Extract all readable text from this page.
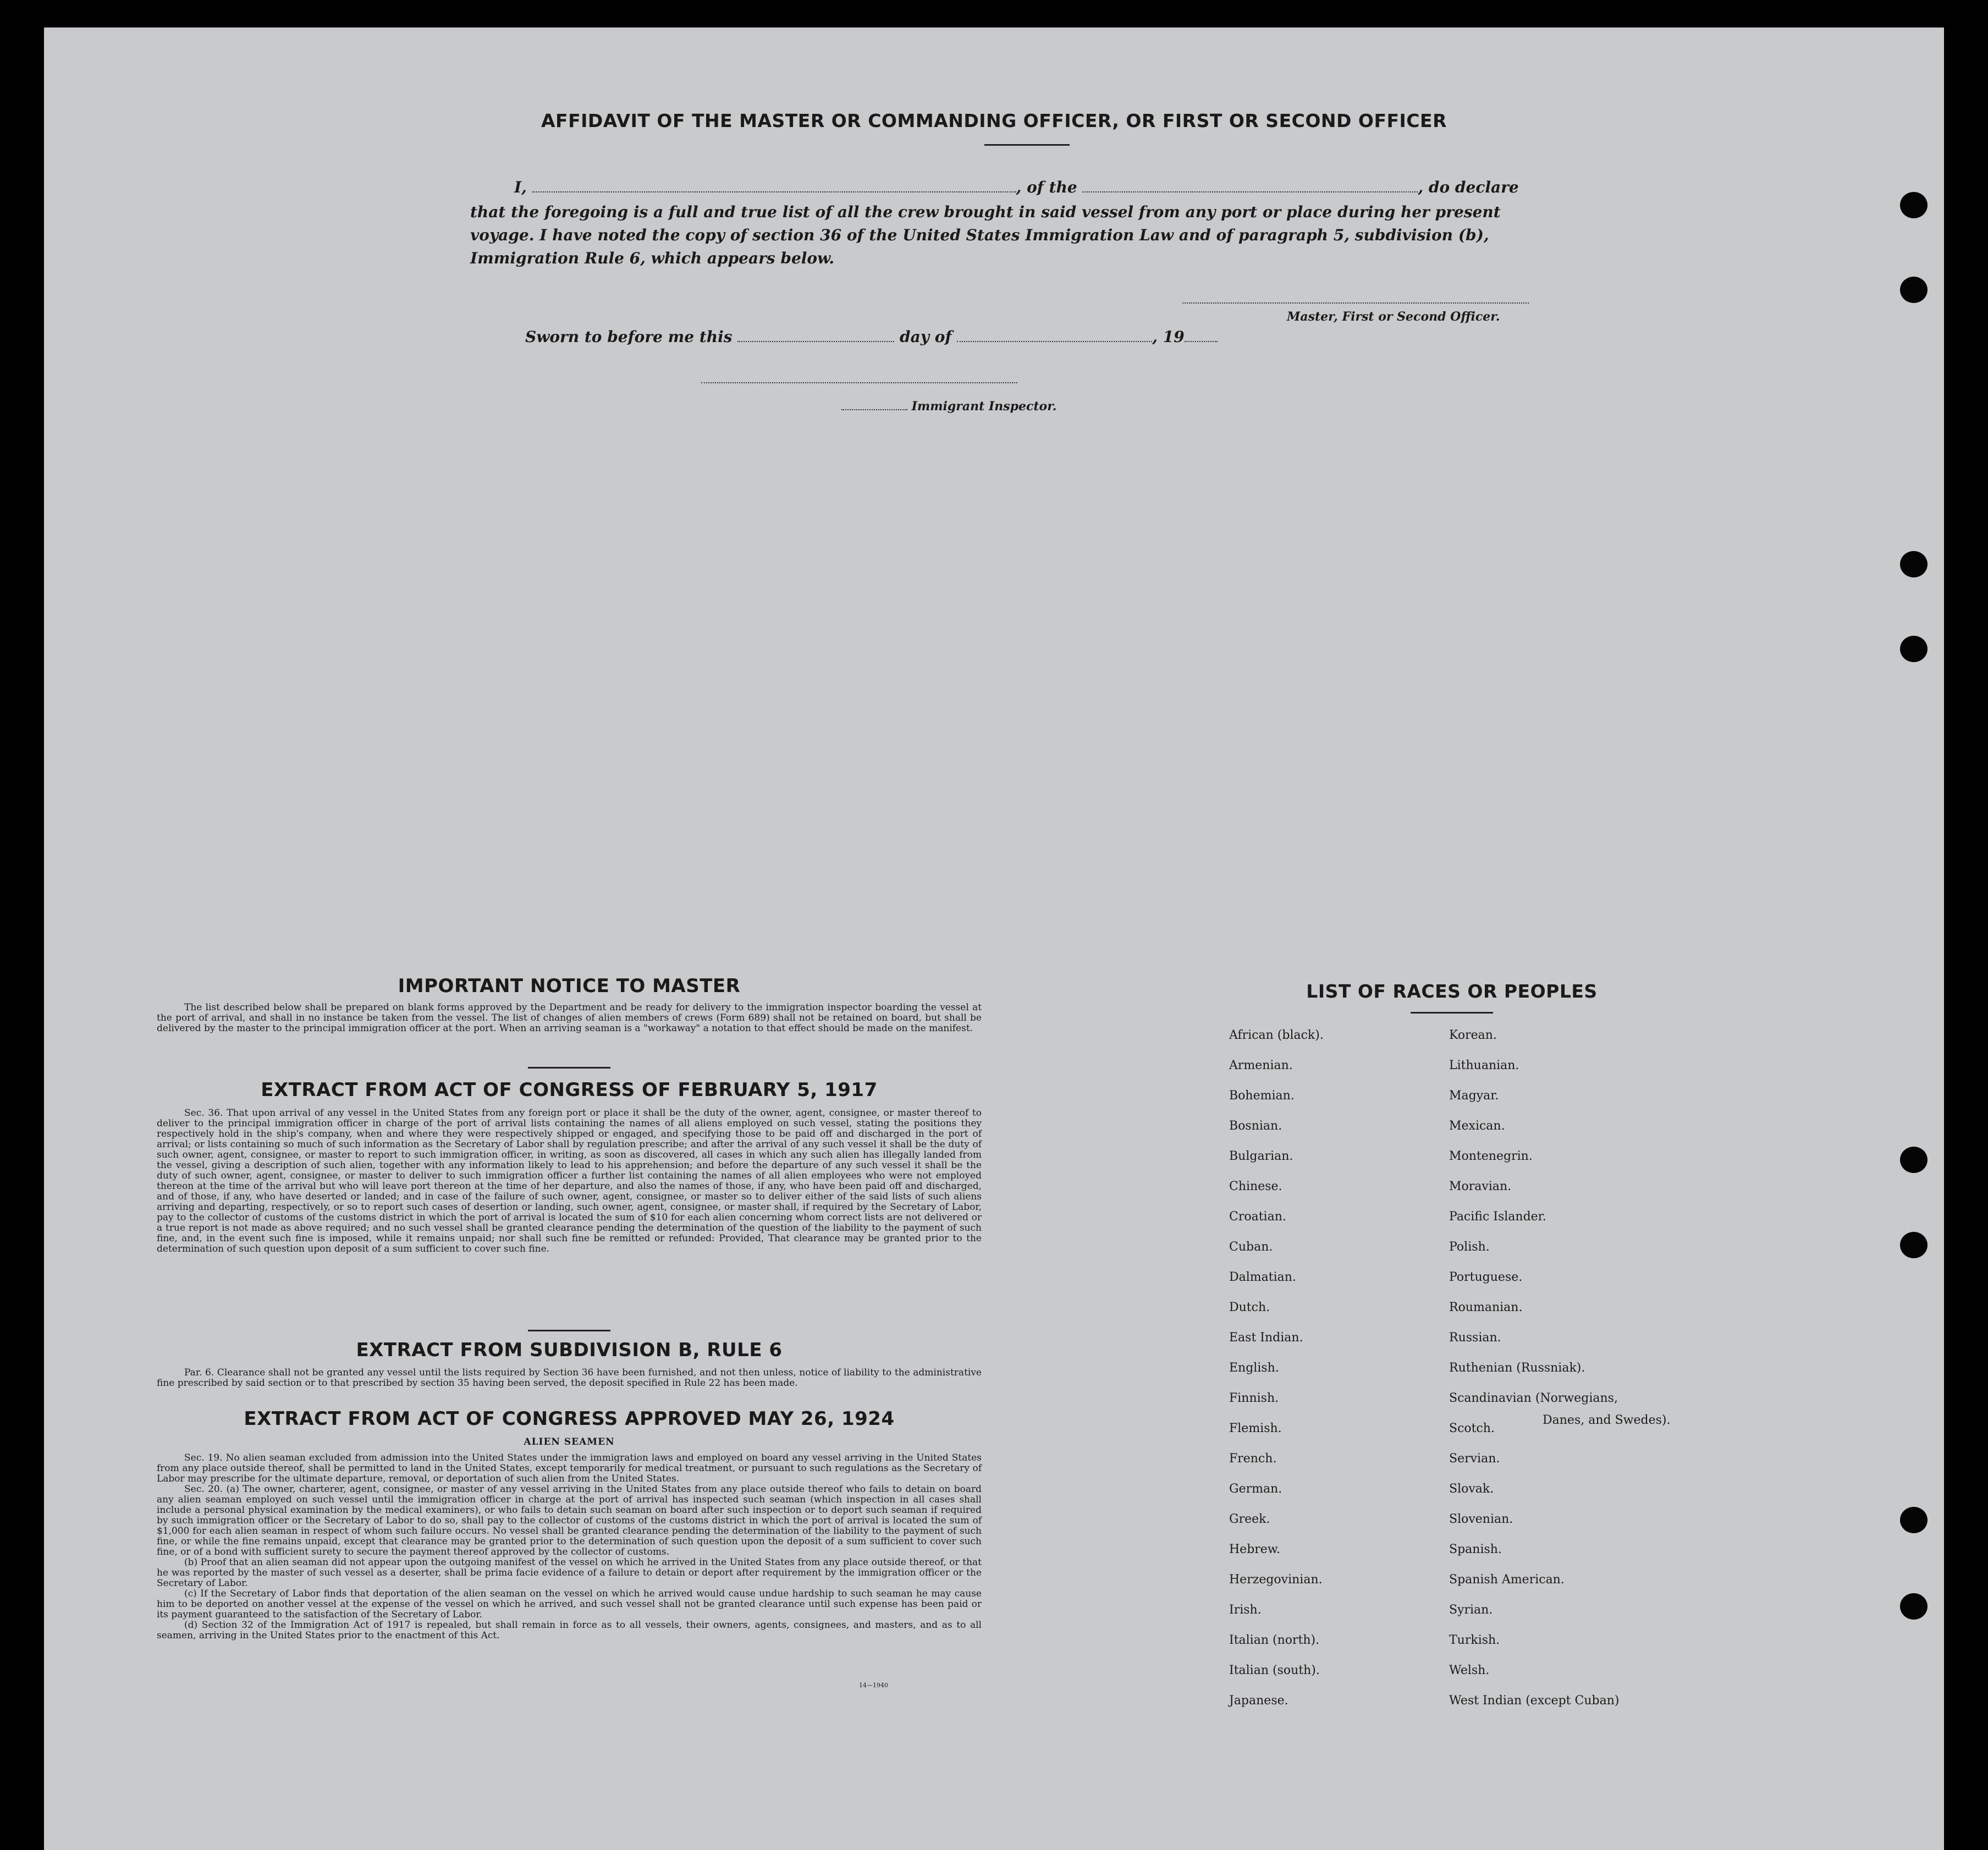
AFFIDAVIT OF THE MASTER OR COMMANDING OFFICER, OR FIRST OR SECOND OFFICER
I,	, of the	, do declare
that the foregoing is a full and true list of all the crew brought in said vessel from any port or place during her present
voyage. I have noted the copy of section 36 of the United States Immigration Law and of paragraph 5, subdivision (b),
Immigration Rule 6, which appears below.
Master, First or Second Officer.
Sworn to before me this	day of	, 19
Immigrant Inspector.
IMPORTANT NOTICE TO MASTER

The list described below shall be prepared on blank forms approved by the Department and be ready for delivery to the immigration inspector boarding the vessel at the port of arrival, and shall in no instance be taken from the vessel. The list of changes of alien members of crews (Form 689) shall not be retained on board, but shall be delivered by the master to the principal immigration officer at the port. When an arriving seaman is a "workaway" a notation to that effect should be made on the manifest.

EXTRACT FROM ACT OF CONGRESS OF FEBRUARY 5, 1917

Sec. 36. That upon arrival of any vessel in the United States from any foreign port or place it shall be the duty of the owner, agent, consignee, or master thereof to deliver to the principal immigration officer in charge of the port of arrival lists containing the names of all aliens employed on such vessel, stating the positions they respectively hold in the ship's company, when and where they were respectively shipped or engaged, and specifying those to be paid off and discharged in the port of arrival; or lists containing so much of such information as the Secretary of Labor shall by regulation prescribe; and after the arrival of any such vessel it shall be the duty of such owner, agent, consignee, or master to report to such immigration officer, in writing, as soon as discovered, all cases in which any such alien has illegally landed from the vessel, giving a description of such alien, together with any information likely to lead to his apprehension; and before the departure of any such vessel it shall be the duty of such owner, agent, consignee, or master to deliver to such immigration officer a further list containing the names of all alien employees who were not employed thereon at the time of the arrival but who will leave port thereon at the time of her departure, and also the names of those, if any, who have been paid off and discharged, and of those, if any, who have deserted or landed; and in case of the failure of such owner, agent, consignee, or master so to deliver either of the said lists of such aliens arriving and departing, respectively, or so to report such cases of desertion or landing, such owner, agent, consignee, or master shall, if required by the Secretary of Labor, pay to the collector of customs of the customs district in which the port of arrival is located the sum of $10 for each alien concerning whom correct lists are not delivered or a true report is not made as above required; and no such vessel shall be granted clearance pending the determination of the question of the liability to the payment of such fine, and, in the event such fine is imposed, while it remains unpaid; nor shall such fine be remitted or refunded: Provided, That clearance may be granted prior to the determination of such question upon deposit of a sum sufficient to cover such fine.

EXTRACT FROM SUBDIVISION B, RULE 6

Par. 6. Clearance shall not be granted any vessel until the lists required by Section 36 have been furnished, and not then unless, notice of liability to the administrative fine prescribed by said section or to that prescribed by section 35 having been served, the deposit specified in Rule 22 has been made.

EXTRACT FROM ACT OF CONGRESS APPROVED MAY 26, 1924
ALIEN SEAMEN

Sec. 19. No alien seaman excluded from admission into the United States under the immigration laws and employed on board any vessel arriving in the United States from any place outside thereof, shall be permitted to land in the United States, except temporarily for medical treatment, or pursuant to such regulations as the Secretary of Labor may prescribe for the ultimate departure, removal, or deportation of such alien from the United States.

Sec. 20. (a) The owner, charterer, agent, consignee, or master of any vessel arriving in the United States from any place outside thereof who fails to detain on board any alien seaman employed on such vessel until the immigration officer in charge at the port of arrival has inspected such seaman (which inspection in all cases shall include a personal physical examination by the medical examiners), or who fails to detain such seaman on board after such inspection or to deport such seaman if required by such immigration officer or the Secretary of Labor to do so, shall pay to the collector of customs of the customs district in which the port of arrival is located the sum of $1,000 for each alien seaman in respect of whom such failure occurs. No vessel shall be granted clearance pending the determination of the liability to the payment of such fine, or while the fine remains unpaid, except that clearance may be granted prior to the determination of such question upon the deposit of a sum sufficient to cover such fine, or of a bond with sufficient surety to secure the payment thereof approved by the collector of customs.

(b) Proof that an alien seaman did not appear upon the outgoing manifest of the vessel on which he arrived in the United States from any place outside thereof, or that he was reported by the master of such vessel as a deserter, shall be prima facie evidence of a failure to detain or deport after requirement by the immigration officer or the Secretary of Labor.

(c) If the Secretary of Labor finds that deportation of the alien seaman on the vessel on which he arrived would cause undue hardship to such seaman he may cause him to be deported on another vessel at the expense of the vessel on which he arrived, and such vessel shall not be granted clearance until such expense has been paid or its payment guaranteed to the satisfaction of the Secretary of Labor.

(d) Section 32 of the Immigration Act of 1917 is repealed, but shall remain in force as to all vessels, their owners, agents, consignees, and masters, and as to all seamen, arriving in the United States prior to the enactment of this Act.

14—1940
LIST OF RACES OR PEOPLES
African (black).
Armenian.
Bohemian.
Bosnian.
Bulgarian.
Chinese.
Croatian.
Cuban.
Dalmatian.
Dutch.
East Indian.
English.
Finnish.
Flemish.
French.
German.
Greek.
Hebrew.
Herzegovinian.
Irish.
Italian (north).
Italian (south).
Japanese.
Korean.
Lithuanian.
Magyar.
Mexican.
Montenegrin.
Moravian.
Pacific Islander.
Polish.
Portuguese.
Roumanian.
Russian.
Ruthenian (Russniak).
Scandinavian (Norwegians,
Scotch.
Servian.
Slovak.
Slovenian.
Spanish.
Spanish American.
Syrian.
Turkish.
Welsh.
West Indian (except Cuban)
Danes, and Swedes).
